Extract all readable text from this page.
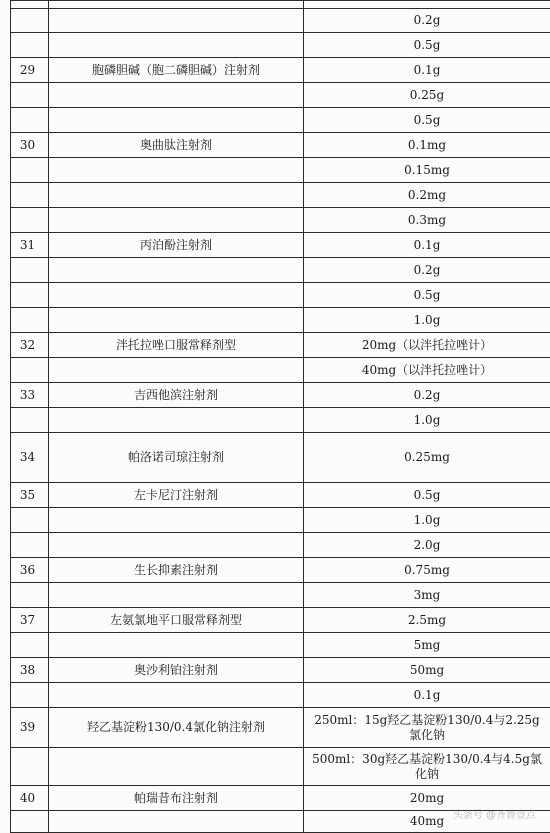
		0.2g
		0.5g
29	胞磷胆碱（胞二磷胆碱）注射剂	0.1g
		0.25g
		0.5g
30	奥曲肽注射剂	0.1mg
		0.15mg
		0.2mg
		0.3mg
31	丙泊酚注射剂	0.1g
		0.2g
		0.5g
		1.0g
32	泮托拉唑口服常释剂型	20mg（以泮托拉唑计）
		40mg（以泮托拉唑计）
33	吉西他滨注射剂	0.2g
		1.0g
34	帕洛诺司琼注射剂	0.25mg
35	左卡尼汀注射剂	0.5g
		1.0g
		2.0g
36	生长抑素注射剂	0.75mg
		3mg
37	左氨氯地平口服常释剂型	2.5mg
		5mg
38	奥沙利铂注射剂	50mg
		0.1g
39	羟乙基淀粉130/0.4氯化钠注射剂	250ml：15g羟乙基淀粉130/0.4与2.25g氯化钠
		500ml：30g羟乙基淀粉130/0.4与4.5g氯化钠
40	帕瑞昔布注射剂	20mg
		40mg 头条号 @齐鲁壹点
